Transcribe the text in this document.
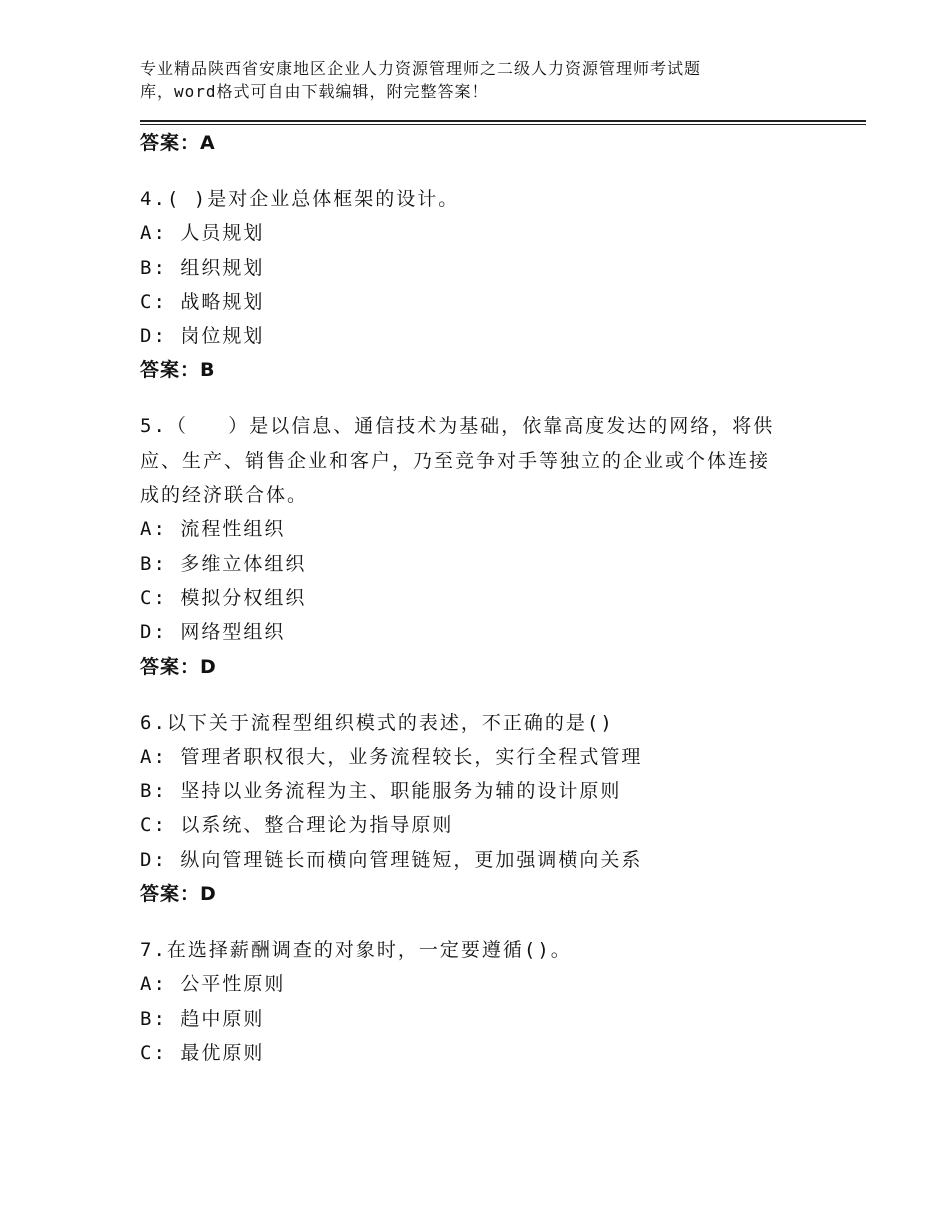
专业精品陕西省安康地区企业人力资源管理师之二级人力资源管理师考试题
库，word格式可自由下载编辑，附完整答案！
答案：A
4.( )是对企业总体框架的设计。
A: 人员规划
B: 组织规划
C: 战略规划
D: 岗位规划
答案：B
5.（   ）是以信息、通信技术为基础，依靠高度发达的网络，将供
应、生产、销售企业和客户，乃至竞争对手等独立的企业或个体连接
成的经济联合体。
A: 流程性组织
B: 多维立体组织
C: 模拟分权组织
D: 网络型组织
答案：D
6.以下关于流程型组织模式的表述，不正确的是()
A: 管理者职权很大，业务流程较长，实行全程式管理
B: 坚持以业务流程为主、职能服务为辅的设计原则
C: 以系统、整合理论为指导原则
D: 纵向管理链长而横向管理链短，更加强调横向关系
答案：D
7.在选择薪酬调查的对象时，一定要遵循()。
A: 公平性原则
B: 趋中原则
C: 最优原则
